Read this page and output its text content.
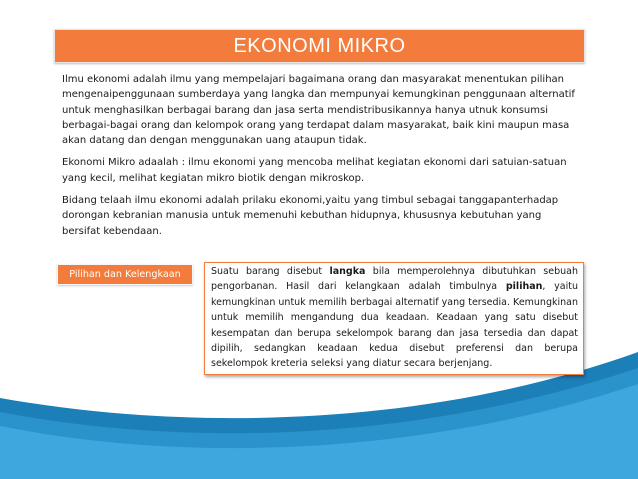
EKONOMI MIKRO

Ilmu ekonomi adalah ilmu yang mempelajari bagaimana orang dan masyarakat menentukan pilihan mengenaipenggunaan sumberdaya yang langka dan mempunyai kemungkinan penggunaan alternatif untuk menghasilkan berbagai barang dan jasa serta mendistribusikannya hanya utnuk konsumsi berbagai-bagai orang dan kelompok orang yang terdapat dalam masyarakat, baik kini maupun masa akan datang dan dengan menggunakan uang ataupun tidak.

Ekonomi Mikro adaalah : ilmu ekonomi yang mencoba melihat kegiatan ekonomi dari satuian-satuan yang kecil, melihat kegiatan mikro biotik dengan mikroskop.

Bidang telaah ilmu ekonomi adalah prilaku ekonomi,yaitu yang timbul sebagai tanggapanterhadap dorongan kebranian manusia untuk memenuhi kebuthan hidupnya, khususnya kebutuhan yang bersifat kebendaan.

Pilihan dan Kelengkaan	Suatu barang disebut langka bila memperolehnya dibutuhkan sebuah pengorbanan. Hasil dari kelangkaan adalah timbulnya pilihan, yaitu kemungkinan untuk memilih berbagai alternatif yang tersedia. Kemungkinan untuk memilih mengandung dua keadaan. Keadaan yang satu disebut kesempatan dan berupa sekelompok barang dan jasa tersedia dan dapat dipilih, sedangkan keadaan kedua disebut preferensi dan berupa sekelompok kreteria seleksi yang diatur secara berjenjang.
